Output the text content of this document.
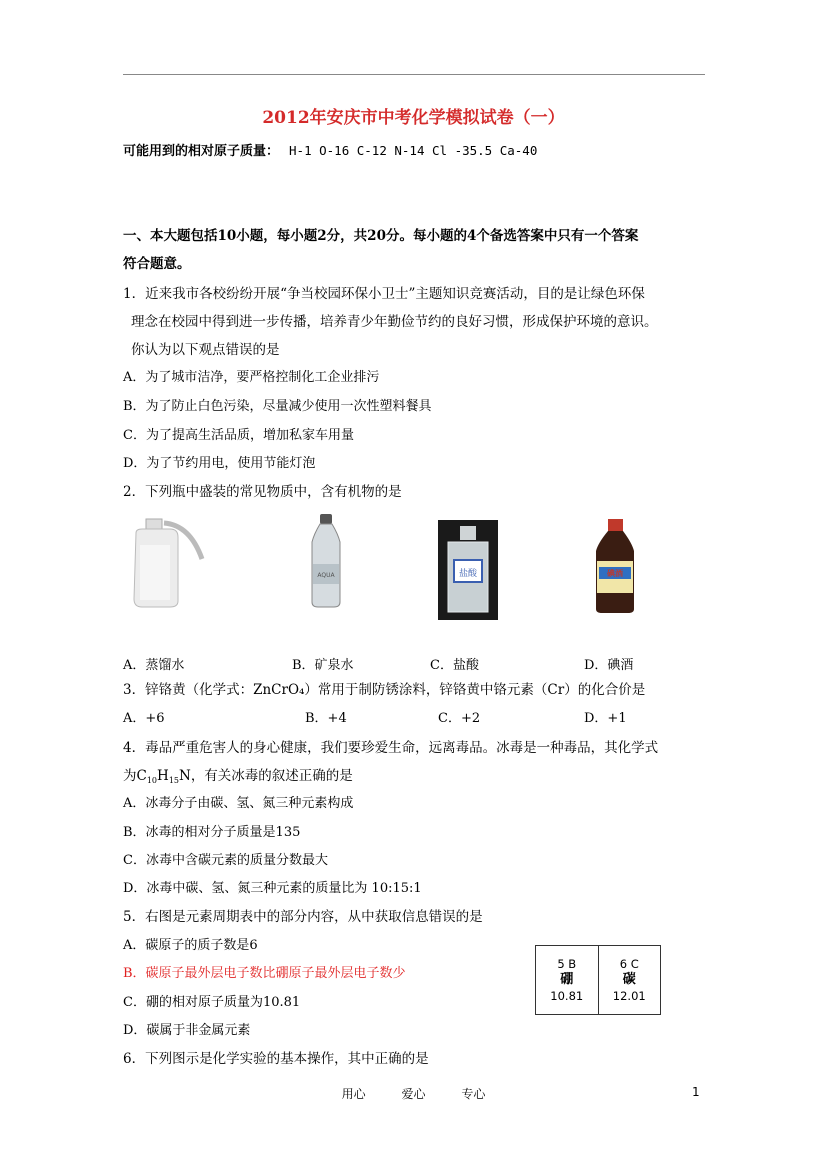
2012年安庆市中考化学模拟试卷（一）
可能用到的相对原子质量： H-1 O-16 C-12 N-14 Cl -35.5 Ca-40
一、本大题包括10小题，每小题2分，共20分。每小题的4个备选答案中只有一个答案
符合题意。
1．近来我市各校纷纷开展“争当校园环保小卫士”主题知识竞赛活动，目的是让绿色环保
理念在校园中得到进一步传播，培养青少年勤俭节约的良好习惯，形成保护环境的意识。
你认为以下观点错误的是
A．为了城市洁净，要严格控制化工企业排污
B．为了防止白色污染，尽量减少使用一次性塑料餐具
C．为了提高生活品质，增加私家车用量
D．为了节约用电，使用节能灯泡
2．下列瓶中盛装的常见物质中，含有机物的是
AQUA	盐酸	碘酒
A．蒸馏水	B．矿泉水	C．盐酸	D．碘酒
3．锌铬黄（化学式：ZnCrO₄）常用于制防锈涂料，锌铬黄中铬元素（Cr）的化合价是
A．+6	B．+4	C．+2	D．+1
4．毒品严重危害人的身心健康，我们要珍爱生命，远离毒品。冰毒是一种毒品，其化学式
为$C_{10}H_{15}N$，有关冰毒的叙述正确的是
A．冰毒分子由碳、氢、氮三种元素构成
B．冰毒的相对分子质量是135
C．冰毒中含碳元素的质量分数最大
D．冰毒中碳、氢、氮三种元素的质量比为 10:15:1
5．右图是元素周期表中的部分内容，从中获取信息错误的是
A．碳原子的质子数是6
B．碳原子最外层电子数比硼原子最外层电子数少
C．硼的相对原子质量为10.81
D．碳属于非金属元素
5 B
硼
10.81
6 C
碳
12.01
6．下列图示是化学实验的基本操作，其中正确的是
用心	爱心	专心	1
